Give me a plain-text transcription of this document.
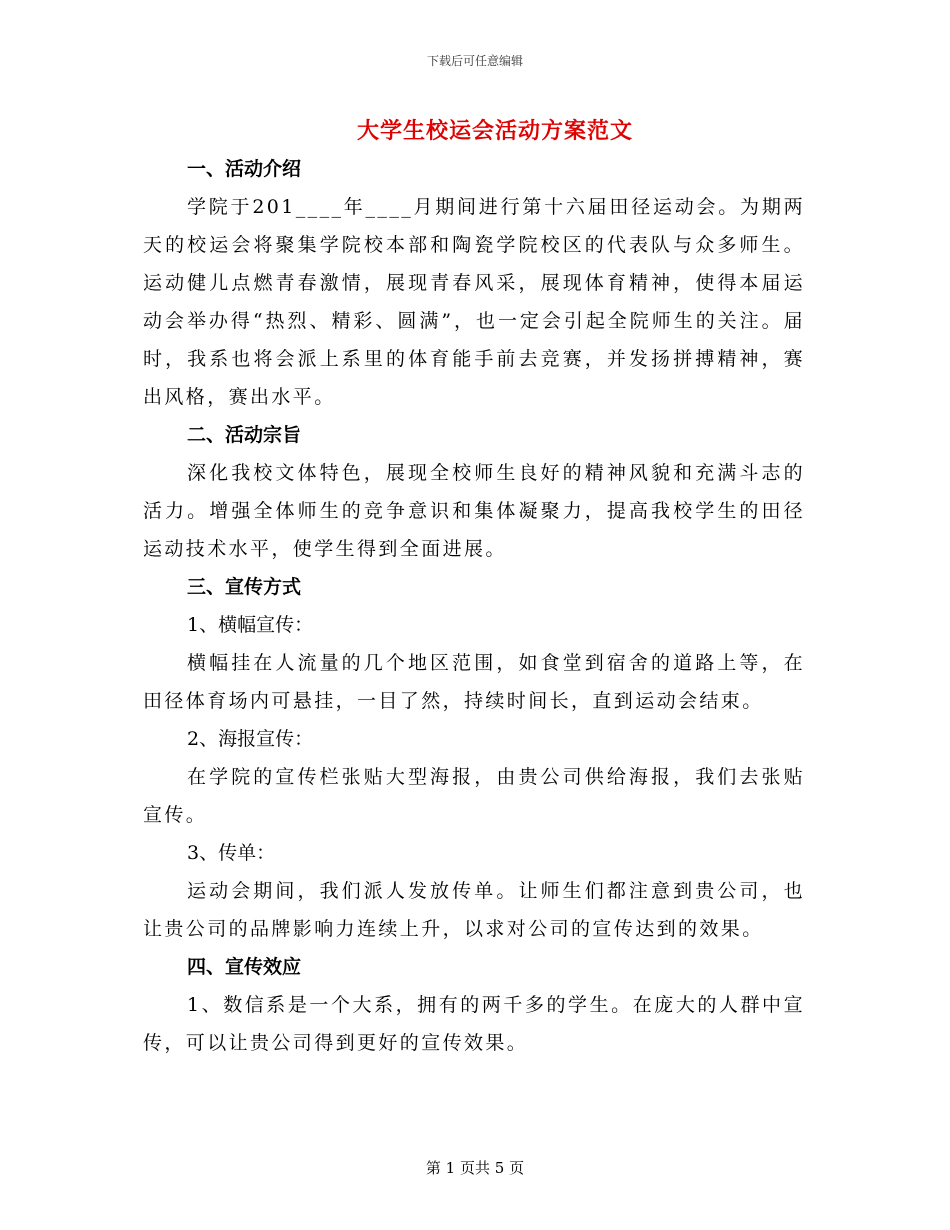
下载后可任意编辑
大学生校运会活动方案范文

一、活动介绍

学院于201____年____月期间进行第十六届田径运动会。为期两天的校运会将聚集学院校本部和陶瓷学院校区的代表队与众多师生。运动健儿点燃青春激情，展现青春风采，展现体育精神，使得本届运动会举办得“热烈、精彩、圆满”，也一定会引起全院师生的关注。届时，我系也将会派上系里的体育能手前去竞赛，并发扬拼搏精神，赛出风格，赛出水平。

二、活动宗旨

深化我校文体特色，展现全校师生良好的精神风貌和充满斗志的活力。增强全体师生的竞争意识和集体凝聚力，提高我校学生的田径运动技术水平，使学生得到全面进展。

三、宣传方式

1、横幅宣传：

横幅挂在人流量的几个地区范围，如食堂到宿舍的道路上等，在田径体育场内可悬挂，一目了然，持续时间长，直到运动会结束。

2、海报宣传：

在学院的宣传栏张贴大型海报，由贵公司供给海报，我们去张贴宣传。

3、传单：

运动会期间，我们派人发放传单。让师生们都注意到贵公司，也让贵公司的品牌影响力连续上升，以求对公司的宣传达到的效果。

四、宣传效应

1、数信系是一个大系，拥有的两千多的学生。在庞大的人群中宣传，可以让贵公司得到更好的宣传效果。

第 1 页共 5 页
